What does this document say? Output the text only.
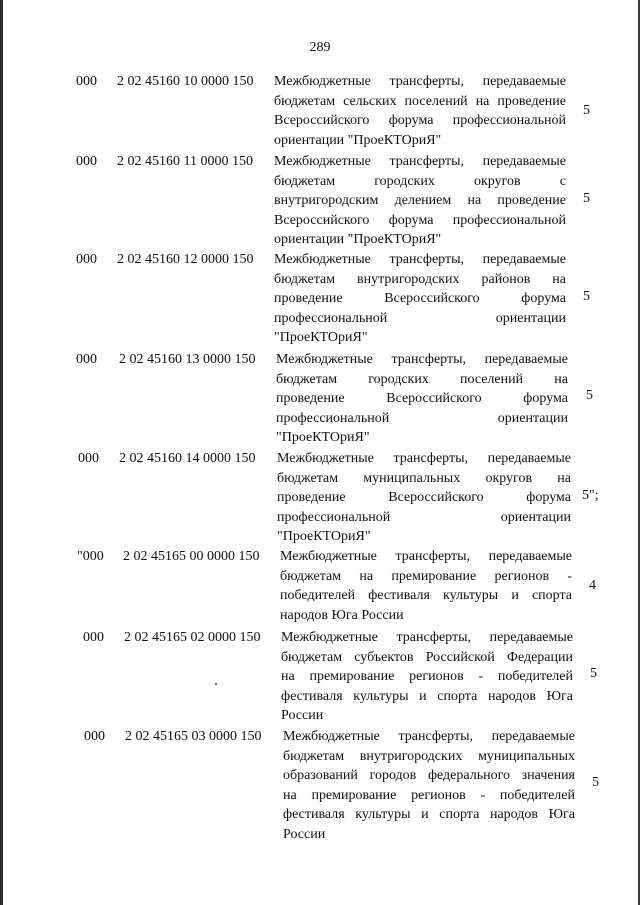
289
000 2 02 45160 10 0000 150 Межбюджетные трансферты, передаваемые
бюджетам сельских поселений на проведение
Всероссийского форума профессиональной
ориентации "ПроеКТОриЯ"
5
000 2 02 45160 11 0000 150 Межбюджетные трансферты, передаваемые
бюджетам городских округов с
внутригородским делением на проведение
Всероссийского форума профессиональной
ориентации "ПроеКТОриЯ"
5
000 2 02 45160 12 0000 150 Межбюджетные трансферты, передаваемые
бюджетам внутригородских районов на
проведение Всероссийского форума
профессиональной ориентации
"ПроеКТОриЯ"
5
000 2 02 45160 13 0000 150 Межбюджетные трансферты, передаваемые
бюджетам городских поселений на
проведение Всероссийского форума
профессиональной ориентации
"ПроеКТОриЯ"
5
000 2 02 45160 14 0000 150 Межбюджетные трансферты, передаваемые
бюджетам муниципальных округов на
проведение Всероссийского форума
профессиональной ориентации
"ПроеКТОриЯ"
5";
"000 2 02 45165 00 0000 150 Межбюджетные трансферты, передаваемые
бюджетам на премирование регионов -
победителей фестиваля культуры и спорта
народов Юга России
4
000 2 02 45165 02 0000 150 Межбюджетные трансферты, передаваемые
бюджетам субъектов Российской Федерации
на премирование регионов - победителей
фестиваля культуры и спорта народов Юга
России
5
000 2 02 45165 03 0000 150 Межбюджетные трансферты, передаваемые
бюджетам внутригородских муниципальных
образований городов федерального значения
на премирование регионов - победителей
фестиваля культуры и спорта народов Юга
России
5
